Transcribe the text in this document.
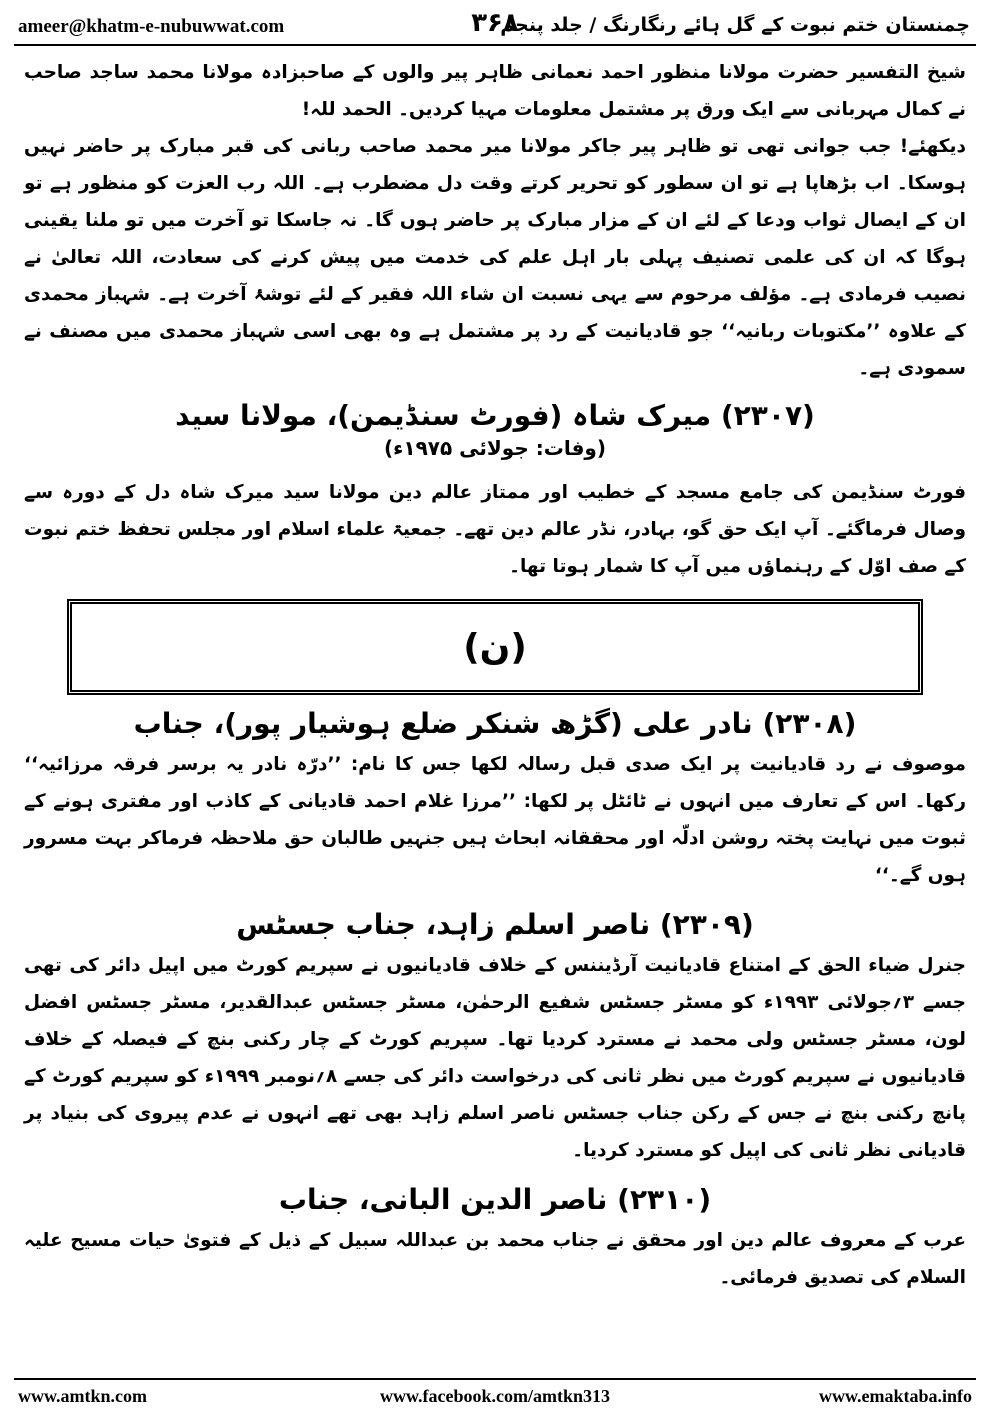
ameer@khatm-e-nubuwwat.com	۳۶۸
چمنستان ختم نبوت کے گل ہائے رنگارنگ / جلد پنجم

شیخ التفسیر حضرت مولانا منظور احمد نعمانی ظاہر پیر والوں کے صاحبزادہ مولانا محمد ساجد صاحب نے کمال مہربانی سے ایک ورق پر مشتمل معلومات مہیا کردیں۔ الحمد للہ!

دیکھئے! جب جوانی تھی تو ظاہر پیر جاکر مولانا میر محمد صاحب ربانی کی قبر مبارک پر حاضر نہیں ہوسکا۔ اب بڑھاپا ہے تو ان سطور کو تحریر کرتے وقت دل مضطرب ہے۔ اللہ رب العزت کو منظور ہے تو ان کے ایصال ثواب ودعا کے لئے ان کے مزار مبارک پر حاضر ہوں گا۔ نہ جاسکا تو آخرت میں تو ملنا یقینی ہوگا کہ ان کی علمی تصنیف پہلی بار اہل علم کی خدمت میں پیش کرنے کی سعادت، اللہ تعالیٰ نے نصیب فرمادی ہے۔ مؤلف مرحوم سے یہی نسبت ان شاء اللہ فقیر کے لئے توشۂ آخرت ہے۔ شہباز محمدی کے علاوہ ’’مکتوبات ربانیہ‘‘ جو قادیانیت کے رد پر مشتمل ہے وہ بھی اسی شہباز محمدی میں مصنف نے سمودی ہے۔

(۲۳۰۷) میرک شاہ (فورٹ سنڈیمن)، مولانا سید

(وفات: جولائی ۱۹۷۵ء)

فورٹ سنڈیمن کی جامع مسجد کے خطیب اور ممتاز عالم دین مولانا سید میرک شاہ دل کے دورہ سے وصال فرماگئے۔ آپ ایک حق گو، بہادر، نڈر عالم دین تھے۔ جمعیۃ علماء اسلام اور مجلس تحفظ ختم نبوت کے صف اوّل کے رہنماؤں میں آپ کا شمار ہوتا تھا۔

(ن)
(۲۳۰۸) نادر علی (گڑھ شنکر ضلع ہوشیار پور)، جناب

موصوف نے رد قادیانیت پر ایک صدی قبل رسالہ لکھا جس کا نام: ’’درّہ نادر یہ برسر فرقہ مرزائیہ‘‘ رکھا۔ اس کے تعارف میں انہوں نے ٹائٹل پر لکھا: ’’مرزا غلام احمد قادیانی کے کاذب اور مفتری ہونے کے ثبوت میں نہایت پختہ روشن ادلّہ اور محققانہ ابحاث ہیں جنہیں طالبان حق ملاحظہ فرماکر بہت مسرور ہوں گے۔‘‘

(۲۳۰۹) ناصر اسلم زاہد، جناب جسٹس

جنرل ضیاء الحق کے امتناع قادیانیت آرڈیننس کے خلاف قادیانیوں نے سپریم کورٹ میں اپیل دائر کی تھی جسے ۳؍جولائی ۱۹۹۳ء کو مسٹر جسٹس شفیع الرحمٰن، مسٹر جسٹس عبدالقدیر، مسٹر جسٹس افضل لون، مسٹر جسٹس ولی محمد نے مسترد کردیا تھا۔ سپریم کورٹ کے چار رکنی بنچ کے فیصلہ کے خلاف قادیانیوں نے سپریم کورٹ میں نظر ثانی کی درخواست دائر کی جسے ۸؍نومبر ۱۹۹۹ء کو سپریم کورٹ کے پانچ رکنی بنچ نے جس کے رکن جناب جسٹس ناصر اسلم زاہد بھی تھے انہوں نے عدم پیروی کی بنیاد پر قادیانی نظر ثانی کی اپیل کو مسترد کردیا۔

(۲۳۱۰) ناصر الدین البانی، جناب

عرب کے معروف عالم دین اور محقق نے جناب محمد بن عبداللہ سبیل کے ذیل کے فتویٰ حیات مسیح علیہ السلام کی تصدیق فرمائی۔

www.amtkn.com	www.facebook.com/amtkn313	www.emaktaba.info
